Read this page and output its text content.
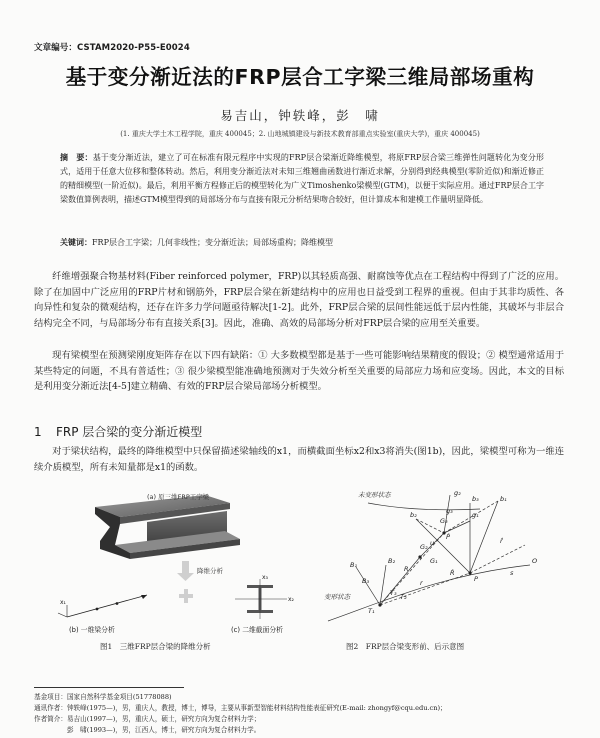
文章编号：CSTAM2020-P55-E0024
基于变分渐近法的FRP层合工字梁三维局部场重构
易吉山，钟轶峰，彭　啸
(1. 重庆大学土木工程学院，重庆 400045；2. 山地城镇建设与新技术教育部重点实验室(重庆大学)，重庆 400045)
摘　要：基于变分渐近法，建立了可在标准有限元程序中实现的FRP层合梁渐近降维模型，将原FRP层合梁三维弹性问题转化为变分形式，适用于任意大位移和整体转动。然后，利用变分渐近法对未知三维翘曲函数进行渐近求解，分别得到经典模型(零阶近似)和渐近修正的精细模型(一阶近似)。最后，利用平衡方程修正后的模型转化为广义Timoshenko梁模型(GTM)，以便于实际应用。通过FRP层合工字梁数值算例表明，描述GTM模型得到的局部场分布与直接有限元分析结果吻合较好，但计算成本和建模工作量明显降低。
关键词：FRP层合工字梁；几何非线性；变分渐近法；局部场重构；降维模型
纤维增强聚合物基材料(Fiber reinforced polymer，FRP)以其轻质高强、耐腐蚀等优点在工程结构中得到了广泛的应用。除了在加固中广泛应用的FRP片材和钢筋外，FRP层合梁在新建结构中的应用也日益受到工程界的重视。但由于其非均质性、各向异性和复杂的微观结构，还存在许多力学问题亟待解决[1-2]。此外，FRP层合梁的层间性能远低于层内性能，其破坏与非层合结构完全不同，与局部场分布有直接关系[3]。因此，准确、高效的局部场分析对FRP层合梁的应用至关重要。
现有梁模型在预测梁刚度矩阵存在以下四有缺陷：① 大多数模型都是基于一些可能影响结果精度的假设；② 模型通常适用于某些特定的问题，不具有普适性；③ 很少梁模型能准确地预测对于失效分析至关重要的局部应力场和应变场。因此，本文的目标是利用变分渐近法[4-5]建立精确、有效的FRP层合梁局部场分析模型。
1 FRP 层合梁的变分渐近模型
对于梁状结构，最终的降维模型中只保留描述梁轴线的x1，而横截面坐标x2和x3将消失(图1b)，因此，梁模型可称为一维连续介质模型，所有未知量都是x1的函数。
(a) 原三维FRP工字梁
降维分析
x₁	x₂
x₃
(b) 一维梁分析	(c) 二维截面分析
图1　三维FRP层合梁的降维分析
未变形状态
变形状态
b₁
b₂
b₃
B₁	B₂
B₃	r
R
u
T₁
T₂
T₃
G₁
G₂
G₃
g₁
g₂
g₃
r̂
R̂
O
P
P̂
s
图2　FRP层合梁变形前、后示意图
基金项目：国家自然科学基金项目(51778088)
通讯作者：钟轶峰(1975—)，男，重庆人，教授，博士，博导，主要从事新型智能材料结构性能表征研究(E-mail: zhongyf@cqu.edu.cn)；
作者简介：易吉山(1997—)，男，重庆人，硕士，研究方向为复合材料力学；
　　　　　彭　啸(1993—)，男，江西人，博士，研究方向为复合材料力学。
